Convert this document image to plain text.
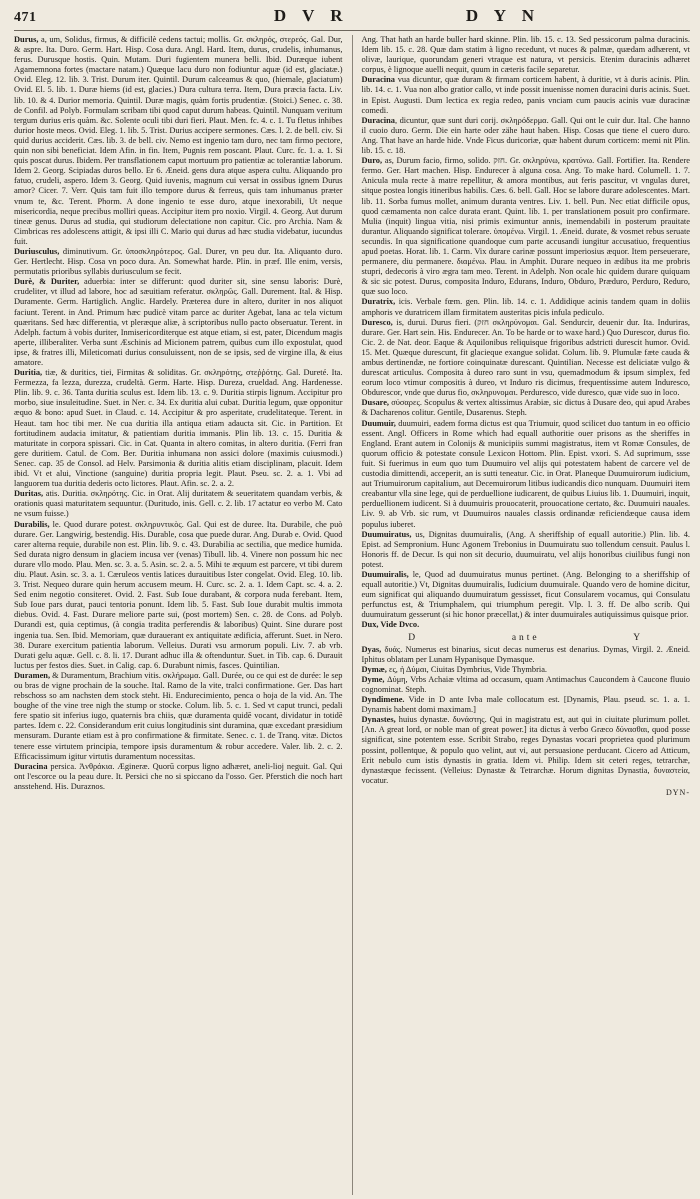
471	D V R	D Y N

Durus, a, um, Solidus, firmus, & difficilè cedens tactui; mollis. Gr. σκληρός, στερεός. Gal. Dur, & aspre. Ita. Duro. Germ. Hart. Hisp. Cosa dura. Angl. Hard. Item, durus, crudelis, inhumanus, ferus. Durusque hostis. Quin. Mutam. Duri fugientem munera belli. Ibid. Duræque iubent Agamemnona fortes (mactare natam.) Quæque lacu duro non fodiuntur aquæ (id est, glaciatæ.) Ovid. Eleg. 12. lib. 3. Trist. Durum iter. Quintil. Durum calceamus & quo, (hiemale, glaciatum) Ovid. El. 5. lib. 1. Duræ hiems (id est, glacies.) Dura cultura terra. Item, Dura præcia facta. Liv. lib. 10. & 4. Durior memoria. Quintil. Duræ magis, quàm fortis prudentiæ. (Stoici.) Senec. c. 38. de Confil. ad Polyb. Formulam scribam tibi quod caput durum habeas. Quintil. Nunquam veritum tergum durius eris quàm. &c. Solente oculi tibi duri fieri. Plaut. Men. fc. 4. c. 1. Tu fletus inhibes durior hoste meos. Ovid. Eleg. 1. lib. 5. Trist. Durius accipere sermones. Cæs. l. 2. de bell. civ. Si quid durius acciderit. Cæs. lib. 3. de bell. civ. Nemo est ingenio tam duro, nec tam firmo pectore, quin non sibi beneficiat. Idem Afin. in fin. Item, Pugnis rem poscant. Plaut. Curc. fc. 1. a. 1. Si quis poscat durus. Ibidem. Per transflationem caput mortuum pro patientiæ ac tolerantiæ laborum. Idem 2. Georg. Scipiadas duros bello. Er 6. Æneid. gens dura atque aspera cultu. Aliquando pro fatuo, crudeli, aspero. Idem 3. Georg. Quid iuvenis, magnum cui versat in ossibus ignem Durus amor? Cicer. 7. Verr. Quis tam fuit illo tempore durus & ferreus, quis tam inhumanus præter vnum te, &c. Terent. Phorm. A done ingenio te esse duro, atque inexorabili, Ut neque misericordia, neque precibus molliri queas. Accipitur item pro noxio. Virgil. 4. Georg. Aut durum tineæ genus. Durus ad studia, qui studiorum delectatione non capitur. Cic. pro Archia. Nam & Cimbricas res adolescens attigit, & ipsi illi C. Mario qui durus ad hæc studia videbatur, iucundus fuit.

Duriusculus, diminutivum. Gr. ὑποσκληρότερος. Gal. Durer, vn peu dur. Ita. Aliquanto duro. Ger. Hertlecht. Hisp. Cosa vn poco dura. An. Somewhat harde. Plin. in præf. Ille enim, versis, permutatis prioribus syllabis duriusculum se fecit.

Durè, & Duriter, aduerbia: inter se differunt: quod duriter sit, sine sensu laboris: Durè, crudeliter, vt illud ad labore, hoc ad sæuitiam referatur. σκληρῶς. Gall. Durement. Ital. & Hisp. Duramente. Germ. Hartiglich. Anglic. Hardely. Præterea dure in altero, duriter in nos aliquot faciunt. Terent. in And. Primum hæc pudicè vitam parce ac duriter Agebat, lana ac tela victum quæritans. Sed hæc differentia, vt pleræque aliæ, à scriptoribus nullo pacto obseruatur. Terent. in Adelph. factum à vobis duriter, Inmisericorditerque est atque etiam, si est, pater, Dicendum magis aperte, illiberaliter. Verba sunt Æschinis ad Micionem patrem, quibus cum illo expostulat, quod ipse, & fratres illi, Mileticomati durius consuluissent, non de se ipsis, sed de virgine illa, & eius amatore.

Duritia, tiæ, & duritics, tiei, Firmitas & soliditas. Gr. σκληρότης, στεῤῥότης. Gal. Dureté. Ita. Fermezza, fa lezza, durezza, crudeltà. Germ. Harte. Hisp. Dureza, crueldad. Ang. Hardenesse. Plin. lib. 9. c. 36. Tanta duritia sculus est. Idem lib. 13. c. 9. Duritia stirpis lignum. Accipitur pro morbo, siue insuleitudine. Suet. in Ner. c. 34. Ex duritia alui cubat. Duritia legum, quæ opponitur æquo & bono: apud Suet. in Claud. c. 14. Accipitur & pro asperitate, crudelitateque. Terent. in Heaut. tam hoc tibi mer. Ne cua duritia illa antiqua etiam adaucta sit. Cic. in Partition. Et fortitudinem audacia imitatur, & patientiam duritia immanis. Plin lib. 13. c. 15. Duritia & maturitate in corpora spissari. Cic. in Cat. Quanta in altero comitas, in altero duritia. (Ferri fran gere duritiem. Catul. de Com. Ber. Duritia inhumana non assici dolore (maximis cuiusmodi.) Senec. cap. 35 de Consol. ad Helv. Parsimonia & duritia alitis etiam disciplinam, placuit. Idem ibid. Vt et alui, Vinctione (sanguine) duritia propria legit. Plaut. Pseu. sc. 2. a. 1. Vbi ad languorem tua duritia dederis octo lictores. Plaut. Afin. sc. 2. a. 2.

Duritas, atis. Duritia. σκληρότης. Cic. in Orat. Alij duritatem & seueritatem quandam verbis, & orationis quasi maturitatem sequuntur. (Duritudo, inis. Gell. c. 2. lib. 17 actatur eo verbo M. Cato ne vsum fuisse.)

Durabilis, le. Quod durare potest. σκληρυντικὸς. Gal. Qui est de duree. Ita. Durabile, che può durare. Ger. Langwirig, bestendig. His. Durable, cosa que puede durar. Ang. Durab e. Ovid. Quod carer alterna requie, durabile non est. Plin. lib. 9. c. 43. Durabilia ac sectilia, que medice humida. Sed durata nigro densum in glaciem incusa ver (venas) Tibull. lib. 4. Vinere non possum hic nec durare vllo modo. Plau. Men. sc. 3. a. 5. Asin. sc. 2. a. 5. Mihi te æquum est parcere, vt tibi durem diu. Plaut. Asin. sc. 3. a. 1. Cæruleos ventis latices durauitibus Ister congelat. Ovid. Eleg. 10. lib. 3. Trist. Nequeo durare quin herum accusem meum. H. Curc. sc. 2. a. 1. Idem Capt. sc. 4. a. 2. Sed enim negotio consiteret. Ovid. 2. Fast. Sub Ioue durabant, & corpora nuda ferebant. Item, Sub Ioue pars durat, pauci tentoria ponunt. Idem lib. 5. Fast. Sub Ioue durabit multis immota diebus. Ovid. 4. Fast. Durare meliore parte sui, (post mortem) Sen. c. 28. de Cons. ad Polyb. Durandi est, quia ceptimus, (à congia tradita perferendis & laboribus) Quint. Sine durare post ingenia tua. Sen. Ibid. Memoriam, quæ durauerant ex antiquitate ædificia, afferunt. Suet. in Nero. 38. Durare exercitum patientia laborum. Velleius. Durati vsu armorum populi. Liv. 7. ab vrb. Durati gelu aquæ. Gell. c. 8. li. 17. Durant adhuc illa & oftenduntur. Suet. in Tib. cap. 6. Durauit luctus per festos dies. Suet. in Calig. cap. 6. Durabunt nimis, fasces. Quintilian.

Duramen, & Duramentum, Brachium vitis. σκλήρωμα. Gall. Durée, ou ce qui est de durée: le sep ou bras de vigne prochain de la souche. Ital. Ramo de la vite, tralci confirmatione. Ger. Das hart rebschoss so am nachsten dem stock steht. Hi. Endurecimiento, penca o hoja de la vid. An. The boughe of the vine tree nigh the stump or stocke. Colum. lib. 5. c. 1. Sed vt caput trunci, pedali fere spatio sit inferius iugo, quaternis bra chiis, quæ duramenta quidē vocant, dividatur in totidē partes. Idem c. 22. Considerandum erit cuius longitudinis sint duramina, quæ excedant præsidium mensuram. Durante etiam est à pro confirmatione & firmitate. Senec. c. 1. de Tranq. vitæ. Dictos tenere esse virtutem principia, tempore ipsis duramentum & robur accedere. Valer. lib. 2. c. 2. Efficacissimum igitur virtutis duramentum nocessitas.

Duracina persica. Ἀνθράκια. Ægineræ. Quorū corpus ligno adhæret, aneli-lioj neguit. Gal. Qui ont l'escorce ou la peau dure. It. Persici che no si spiccano da l'osso. Ger. Pferstich die noch hart ansstehend. His. Duraznos.

Ang. That hath an harde buller hard skinne. Plin. lib. 15. c. 13. Sed pessicorum palma duracinis. Idem lib. 15. c. 28. Quæ dam statim à ligno recedunt, vt nuces & palmæ, quædam adhærent, vt olivæ, laurique, quorundam generi vtraque est natura, vt persicis. Etenim duracinis adhæret corpus, è lignoque auelli nequit, quum in cæteris facile separetur.

Duracina vua dicuntur, quæ duram & firmam corticem habent, à duritie, vt à duris acinis. Plin. lib. 14. c. 1. Vua non albo gratior callo, vt inde possit inuenisse nomen duracini duris acinis. Suet. in Epist. Augusti. Dum lectica ex regia redeo, panis vnciam cum paucis acinis vuæ duracinæ comedi.

Duracina, dicuntur, quæ sunt duri corij. σκληρόδερμα. Gall. Qui ont le cuir dur. Ital. Che hanno il cuoio duro. Germ. Die ein harte oder zähe haut haben. Hisp. Cosas que tiene el cuero duro. Ang. That have an harde hide. Vnde Ficus duricoriæ, quæ habent durum corticem: memi nit Plin. lib. 15. c. 18.

Duro, as, Durum facio, firmo, solido. חזק. Gr. σκληρύνω, κρατύνω. Gall. Fortifier. Ita. Rendere fermo. Ger. Hart machen. Hisp. Endurecer à alguna cosa. Ang. To make hard. Columell. 1. 7. Anicula mula recte à matre repellitur, & amora montibus, aut feris pascitur, vt vngulas duret, sitque postea longis itineribus habilis. Cæs. 6. bell. Gall. Hoc se labore durare adolescentes. Mart. lib. 11. Sorba fumus mollet, animum duranta ventres. Liv. 1. bell. Pun. Nec etiat difficile opus, quod cæmamenta non calce durata erant. Quint. lib. 1. per translationem posuit pro confirmare. Mulia (inquit) lingua vitia, nisi primis eximuntur annis, inemendabili in posterum prauitate durantur. Aliquando significat tolerare. ὑπομένω. Virgil. 1. Æneid. durate, & vosmet rebus seruate secundis. In qua significatione quandoque cum parte accusandi iungitur accusatiuo, frequentius apud poetas. Horat. lib. 1. Carm. Vix durare carinæ possunt imperiosius æquor. Item perseuerare, permanere, diu permanere. διαμένω. Plau. in Amphit. Durare nequeo in ædibus ita me probris stupri, dedecoris à viro ægra tam meo. Terent. in Adelph. Non ocale hic quidem durare quiquam & sic sic potest. Durus, composita Induro, Edurans, Induro, Obduro, Præduro, Perduro, Reduro, quæ suo loco.

Duratrix, icis. Verbale fœm. gen. Plin. lib. 14. c. 1. Addidique acinis tandem quam in doliis amphoris ve duratricem illam firmitatem austeritas picis infula pediculo.

Duresco, is, durui. Durus fieri. (חזק σκληρύνομαι. Gal. Sendurcir, deuenir dur. Ita. Induriras, durare. Ger. Hart sein. His. Endurecer. An. To be harde or to waxe hard.) Quo Durescor, durus fio. Cic. 2. de Nat. deor. Eaque & Aquilonibus reliquisque frigoribus adstricti durescit humor. Ovid. 15. Met. Quæque durescunt, fit glacieque exangue solidat. Colum. lib. 9. Plumulæ fæte cauda & ambus dertinendæ, ne fortiore coinquinatæ durescant. Quintilian. Necesse est deliciatæ vulgo & durescat articulus. Composita à dureo raro sunt in vsu, quemadmodum & ipsum simplex, fed eorum loco vtimur compositis à dureo, vt Induro ris dicimus, frequentissime autem Induresco, Obdurescor, vnde que durus fio, σκληρυνομαι. Perduresco, vide duresco, quæ vide suo in loco.

Dusare, σύσαρες. Scopulus & vertex altissimus Arabiæ, sic dictus à Dusare deo, qui apud Arabes & Dacharenos colitur. Gentile, Dusarenus. Steph.

Duumuir, duumuiri, eadem forma dictus est qua Triumuir, quod scilicet duo tantum in eo officio essent. Angl. Officers in Rome which had equall authoritie ouer prisons as the sheriffes in England. Erant autem in Colonijs & municipiis summi magistratus, item vt Romæ Consules, de quorum officio & potestate consule Lexicon Hottom. Plin. Epist. vxori. S. Ad suprimum, ssse fuit. Si fuerimus in eum quo tum Duumuiro vel alijs qui potestatem habent de carcere vel de custodia dimittendi, acceperit, an is sutti teneatur. Cic. in Orat. Planeque Duumuirorum iudicium, aut Triumuirorum capitalium, aut Decemuirorum litibus iudicandis dico nunquam. Duumuiri item creabantur vlla sine lege, qui de perduellione iudicarent, de quibus Liuius lib. 1. Duumuiri, inquit, perduellionem iudicent. Si à duumuiris prouocaterit, prouocatione certato, &c. Duumuiri nauales. Liv. 9. ab Vrb. sic rum, vt Duumuiros nauales classis ordinandæ reficiendæque causa idem populus iuberet.

Duumuiratus, us, Dignitas duumuiralis, (Ang. A sheriffship of equall autoritie.) Plin. lib. 4. Epist. ad Sempronium. Hunc Agonem Trebonius in Duumuiratu suo tollendum censuit. Paulus l. Honoris ff. de Decur. Is qui non sit decurio, duumuiratu, vel alijs honoribus ciuilibus fungi non potest.

Duumuiralis, le, Quod ad duumuiratus munus pertinet. (Ang. Belonging to a sheriffship of equall autoritie.) Vt, Dignitas duumuiralis, Iudicium duumuirale. Quando vero de homine dicitur, eum significat qui aliquando duumuiratum gessisset, ficut Consularem vocamus, qui Consulatu perfunctus est, & Triumphalem, qui triumphum peregit. Vlp. l. 3. ff. De albo scrib. Qui duumuiratum gesserunt (si hic honor præcellat,) & inter duumuirales autiquissimus quisque prior.

Dux, Vide Dvco.

D	ante	Y

Dyas, δυάς. Numerus est binarius, sicut decas numerus est denarius. Dymas, Virgil. 2. Æneid. Iphitus oblatam per Lunam Hypanisque Dymasque.

Dymæ, ες, ἡ Δύμαι, Ciuitas Dymbrius, Vide Thymbria.

Dyme, Δύμη, Vrbs Achaiæ vltima ad occasum, quam Antimachus Caucondem à Caucone fluuio cognominat. Steph.

Dyndimene. Vide in D ante Ivba male collocatum est. [Dynamis, Plau. pseud. sc. 1. a. 1. Dynamis habent domi maximam.]

Dynastes, huius dynastæ. δυνάστης. Qui in magistratu est, aut qui in ciuitate plurimum pollet. [An. A great lord, or noble man of great power.] ita dictus à verbo Græco δύνασθαι, quod posse significat, sine potentem esse. Scribit Strabo, reges Dynastas vocari proprietea quod plurimum possint, pollentque, & populo quo velint, aut vi, aut persuasione perducant. Cicero ad Atticum, Erit nebulo cum istis dynastis in gratia. Idem vi. Philip. Idem sit ceteri reges, tetrarchæ, dynastæque fecissent. (Velleius: Dynastæ & Tetrarchæ. Horum dignitas Dynastia, δυναστεία, vocatur.

DYN-
